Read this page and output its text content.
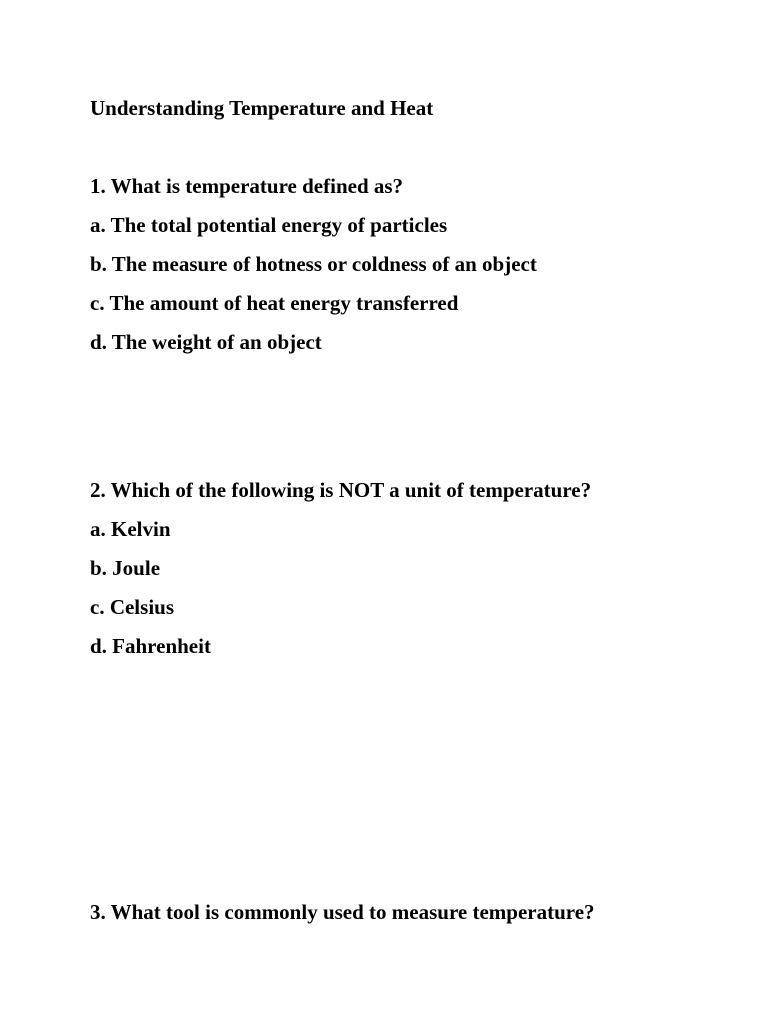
Understanding Temperature and Heat
1. What is temperature defined as?
a. The total potential energy of particles
b. The measure of hotness or coldness of an object
c. The amount of heat energy transferred
d. The weight of an object
2. Which of the following is NOT a unit of temperature?
a. Kelvin
b. Joule
c. Celsius
d. Fahrenheit
3. What tool is commonly used to measure temperature?
